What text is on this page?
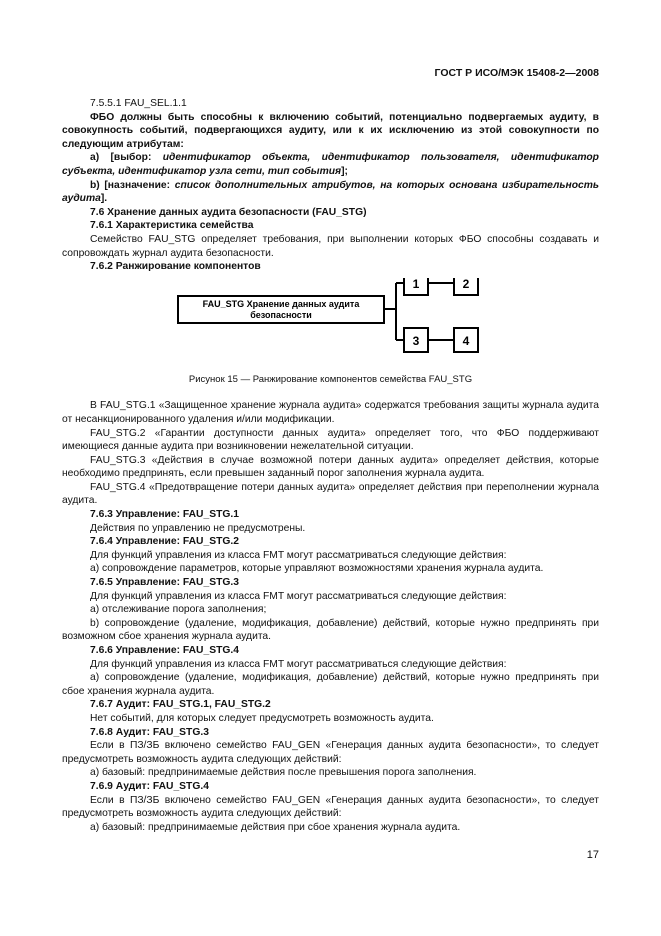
ГОСТ Р ИСО/МЭК 15408-2—2008

7.5.5.1 FAU_SEL.1.1

ФБО должны быть способны к включению событий, потенциально подвергаемых аудиту, в совокупность событий, подвергающихся аудиту, или к их исключению из этой совокупности по следующим атрибутам:

а) [выбор: идентификатор объекта, идентификатор пользователя, идентификатор субъекта, идентификатор узла сети, тип события];

b) [назначение: список дополнительных атрибутов, на которых основана избирательность аудита].

7.6 Хранение данных аудита безопасности (FAU_STG)

7.6.1 Характеристика семейства

Семейство FAU_STG определяет требования, при выполнении которых ФБО способны создавать и сопровождать журнал аудита безопасности.

7.6.2 Ранжирование компонентов

FAU_STG Хранение данных аудита
безопасности
1	2
3	4
Рисунок 15 — Ранжирование компонентов семейства FAU_STG

В FAU_STG.1 «Защищенное хранение журнала аудита» содержатся требования защиты журнала аудита от несанкционированного удаления и/или модификации.

FAU_STG.2 «Гарантии доступности данных аудита» определяет того, что ФБО поддерживают имеющиеся данные аудита при возникновении нежелательной ситуации.

FAU_STG.3 «Действия в случае возможной потери данных аудита» определяет действия, которые необходимо предпринять, если превышен заданный порог заполнения журнала аудита.

FAU_STG.4 «Предотвращение потери данных аудита» определяет действия при переполнении журнала аудита.

7.6.3 Управление: FAU_STG.1

Действия по управлению не предусмотрены.

7.6.4 Управление: FAU_STG.2

Для функций управления из класса FMT могут рассматриваться следующие действия:

а) сопровождение параметров, которые управляют возможностями хранения журнала аудита.

7.6.5 Управление: FAU_STG.3

Для функций управления из класса FMT могут рассматриваться следующие действия:

а) отслеживание порога заполнения;

b) сопровождение (удаление, модификация, добавление) действий, которые нужно предпринять при возможном сбое хранения журнала аудита.

7.6.6 Управление: FAU_STG.4

Для функций управления из класса FMT могут рассматриваться следующие действия:

а) сопровождение (удаление, модификация, добавление) действий, которые нужно предпринять при сбое хранения журнала аудита.

7.6.7 Аудит: FAU_STG.1, FAU_STG.2

Нет событий, для которых следует предусмотреть возможность аудита.

7.6.8 Аудит: FAU_STG.3

Если в ПЗ/ЗБ включено семейство FAU_GEN «Генерация данных аудита безопасности», то следует предусмотреть возможность аудита следующих действий:

а) базовый: предпринимаемые действия после превышения порога заполнения.

7.6.9 Аудит: FAU_STG.4

Если в ПЗ/ЗБ включено семейство FAU_GEN «Генерация данных аудита безопасности», то следует предусмотреть возможность аудита следующих действий:

а) базовый: предпринимаемые действия при сбое хранения журнала аудита.

17
